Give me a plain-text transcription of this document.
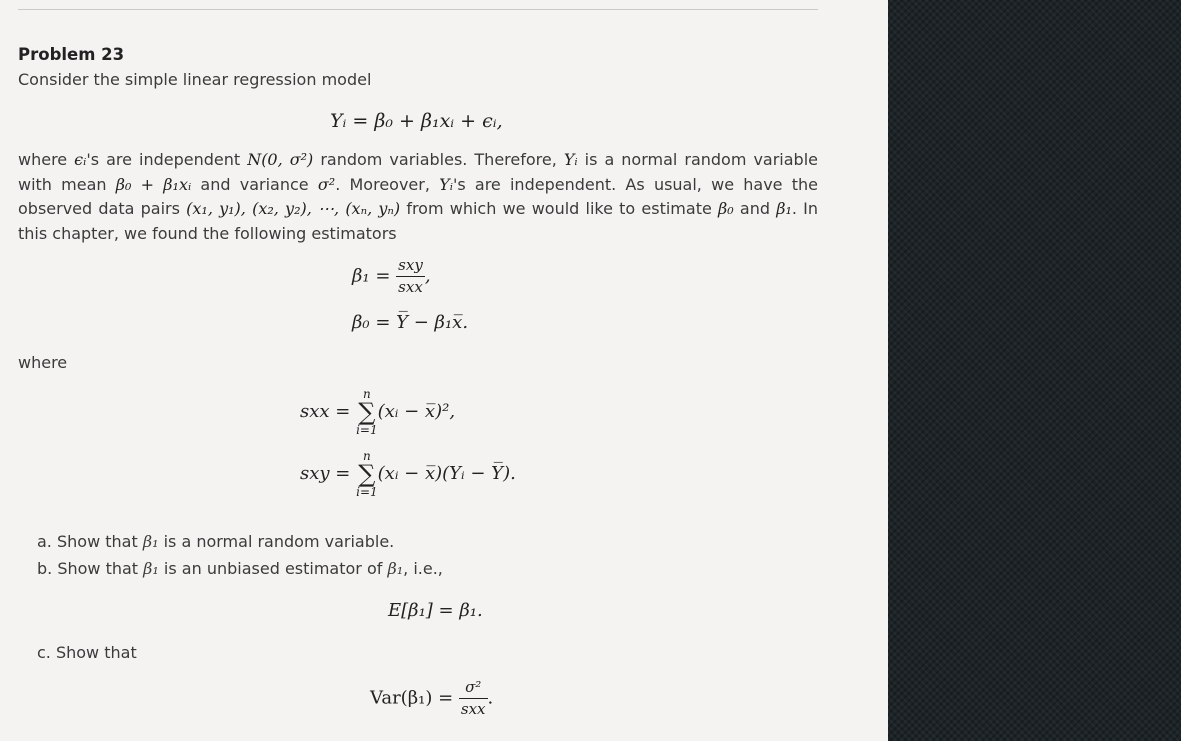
Problem 23
Consider the simple linear regression model
Yᵢ = β₀ + β₁xᵢ + ϵᵢ,
where ϵᵢ's are independent N(0, σ²) random variables. Therefore, Yᵢ is a normal random variable with mean β₀ + β₁xᵢ and variance σ². Moreover, Yᵢ's are independent. As usual, we have the observed data pairs (x₁, y₁), (x₂, y₂), ⋯, (xₙ, yₙ) from which we would like to estimate β₀ and β₁. In this chapter, we found the following estimators
$\beta_1 = \frac{\text{sxy}}{\text{sxx}}$ ,
β₀ = Y̅ − β₁x̅.
where
sxx =
n
∑
i=1
(xᵢ − x̅)²,
sxy =
n
∑
i=1
(xᵢ − x̅)(Yᵢ − Y̅).
a. Show that β₁ is a normal random variable.
b. Show that β₁ is an unbiased estimator of β₁, i.e.,
E[β₁] = β₁.
c. Show that
$Var(\beta_1) = \frac{\text{σ²}}{\text{sxx}}$ .
